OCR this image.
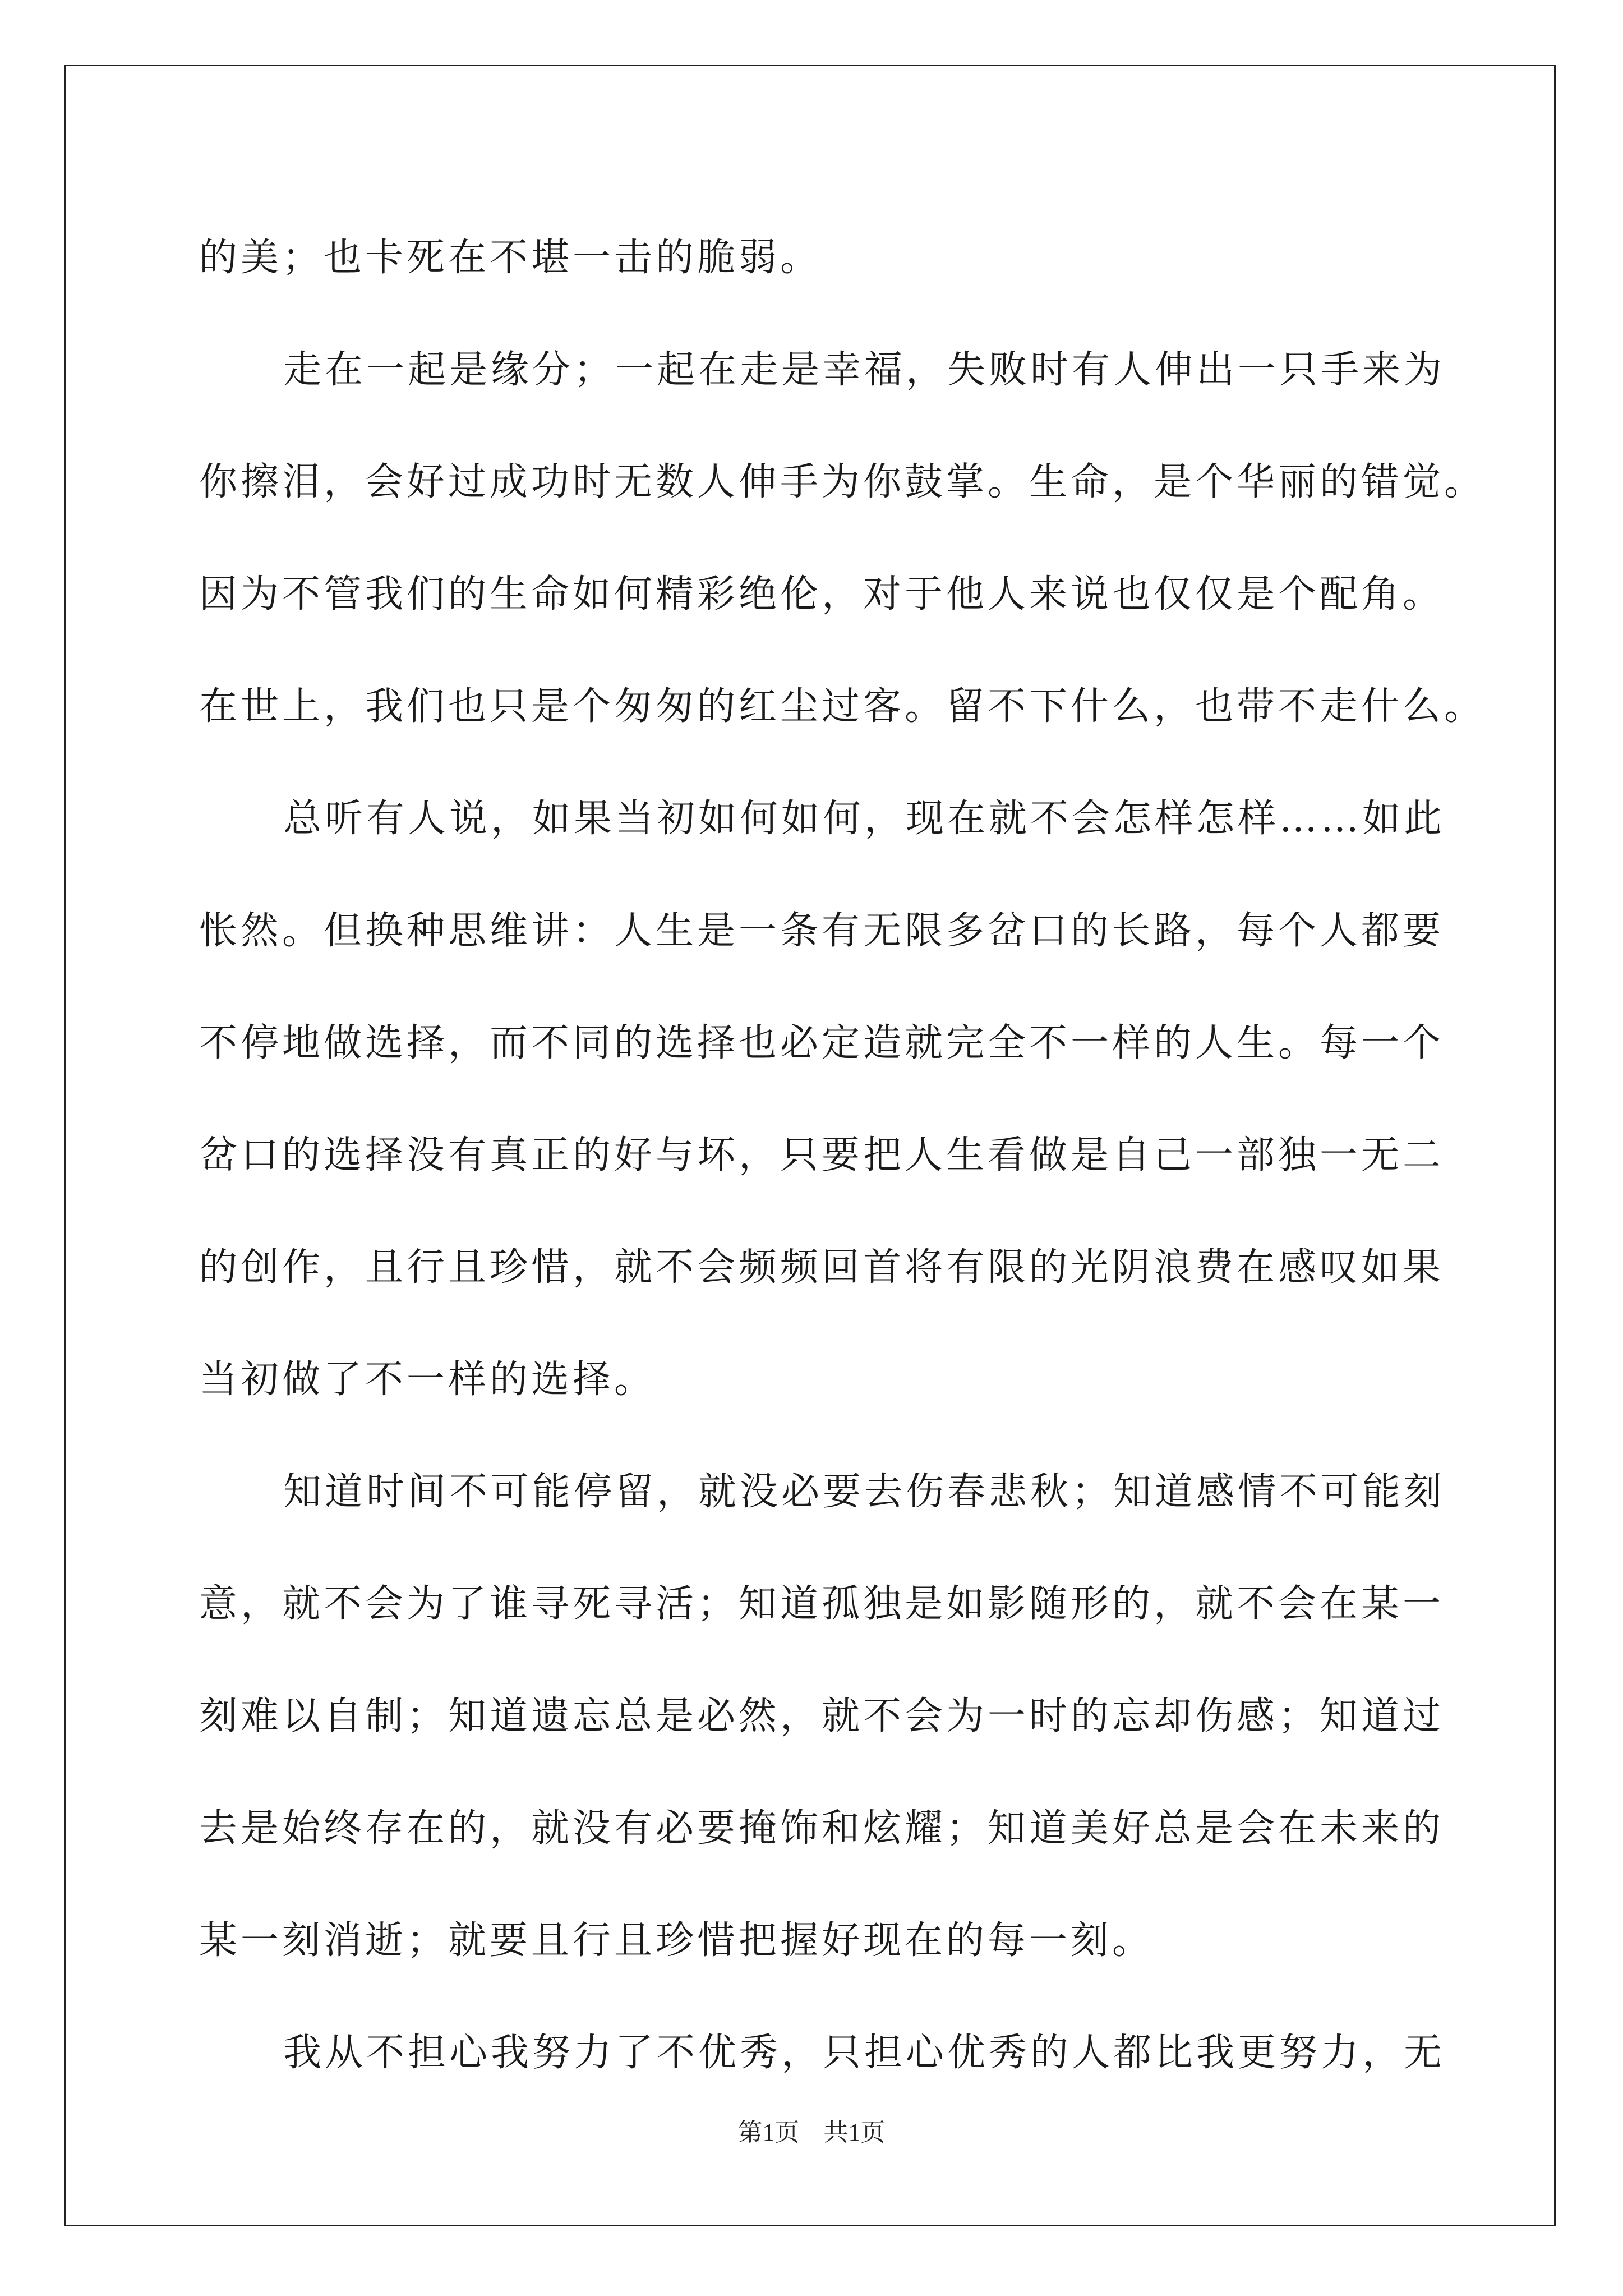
的美；也卡死在不堪一击的脆弱。
走在一起是缘分；一起在走是幸福，失败时有人伸出一只手来为
你擦泪，会好过成功时无数人伸手为你鼓掌。生命，是个华丽的错觉。
因为不管我们的生命如何精彩绝伦，对于他人来说也仅仅是个配角。
在世上，我们也只是个匆匆的红尘过客。留不下什么，也带不走什么。
总听有人说，如果当初如何如何，现在就不会怎样怎样……如此
怅然。但换种思维讲：人生是一条有无限多岔口的长路，每个人都要
不停地做选择，而不同的选择也必定造就完全不一样的人生。每一个
岔口的选择没有真正的好与坏，只要把人生看做是自己一部独一无二
的创作，且行且珍惜，就不会频频回首将有限的光阴浪费在感叹如果
当初做了不一样的选择。
知道时间不可能停留，就没必要去伤春悲秋；知道感情不可能刻
意，就不会为了谁寻死寻活；知道孤独是如影随形的，就不会在某一
刻难以自制；知道遗忘总是必然，就不会为一时的忘却伤感；知道过
去是始终存在的，就没有必要掩饰和炫耀；知道美好总是会在未来的
某一刻消逝；就要且行且珍惜把握好现在的每一刻。
我从不担心我努力了不优秀，只担心优秀的人都比我更努力，无
第1页 共1页
